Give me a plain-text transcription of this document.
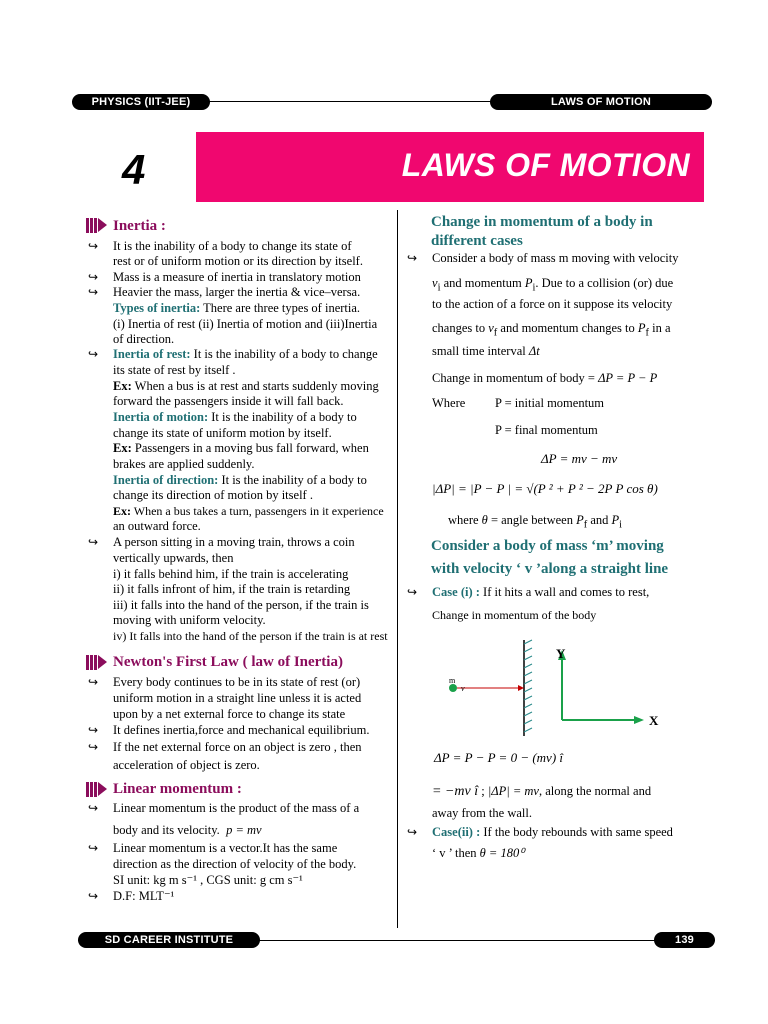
PHYSICS (IIT-JEE)	LAWS OF MOTION
4	LAWS OF MOTION
Inertia :
↪ It is the inability of a body to change its state of
rest or of uniform motion or its direction by itself.
↪ Mass is a measure of inertia in translatory motion
↪ Heavier the mass, larger the inertia & vice–versa.
Types of inertia: There are three types of inertia.
(i) Inertia of rest (ii) Inertia of motion and (iii)Inertia
of direction.
↪ Inertia of rest: It is the inability of a body to change
its state of rest by itself .
Ex: When a bus is at rest and starts suddenly moving
forward the passengers inside it will fall back.
Inertia of motion: It is the inability of a body to
change its state of uniform motion by itself.
Ex: Passengers in a moving bus fall forward, when
brakes are applied suddenly.
Inertia of direction: It is the inability of a body to
change its direction of motion by itself .
Ex: When a bus takes a turn, passengers in it experience
an outward force.
↪ A person sitting in a moving train, throws a coin
vertically upwards, then
i) it falls behind him, if the train is accelerating
ii) it falls infront of him, if the train is retarding
iii) it falls into the hand of the person, if the train is
moving with uniform velocity.
iv) It falls into the hand of the person if the train is at rest
Newton's First Law ( law of Inertia)
↪ Every body continues to be in its state of rest (or)
uniform motion in a straight line unless it is acted
upon by a net external force to change its state
↪ It defines inertia,force and mechanical equilibrium.
↪ If the net external force on an object is zero , then
acceleration of object is zero.
Linear momentum :
↪ Linear momentum is the product of the mass of a
body and its velocity. p = mv
↪ Linear momentum is a vector.It has the same
direction as the direction of velocity of the body.
SI unit: kg m s⁻¹ , CGS unit: g cm s⁻¹
↪ D.F: MLT⁻¹
Change in momentum of a body in
different cases
↪ Consider a body of mass m moving with velocity
$v_i$ and momentum $P_i$. Due to a collision (or) due
to the action of a force on it suppose its velocity
changes to $v_f$ and momentum changes to $P_f$ in a
small time interval Δt
Change in momentum of body = ΔP = P − P
Where P = initial momentum
P = final momentum
ΔP = mv − mv
|ΔP| = |P − P | = √(P ² + P ² − 2P P cos θ)
where θ = angle between $P_f$ and $P_i$
Consider a body of mass ‘m’ moving
with velocity ‘ v ’along a straight line
↪ Case (i) : If it hits a wall and comes to rest,
Change in momentum of the body
Y
X
m
v
ΔP = P − P = 0 − (mv) î
= −mv î ; |ΔP| = mv, along the normal and
away from the wall.
↪ Case(ii) : If the body rebounds with same speed
‘ v ’ then θ = 180⁰
SD CAREER INSTITUTE	139
